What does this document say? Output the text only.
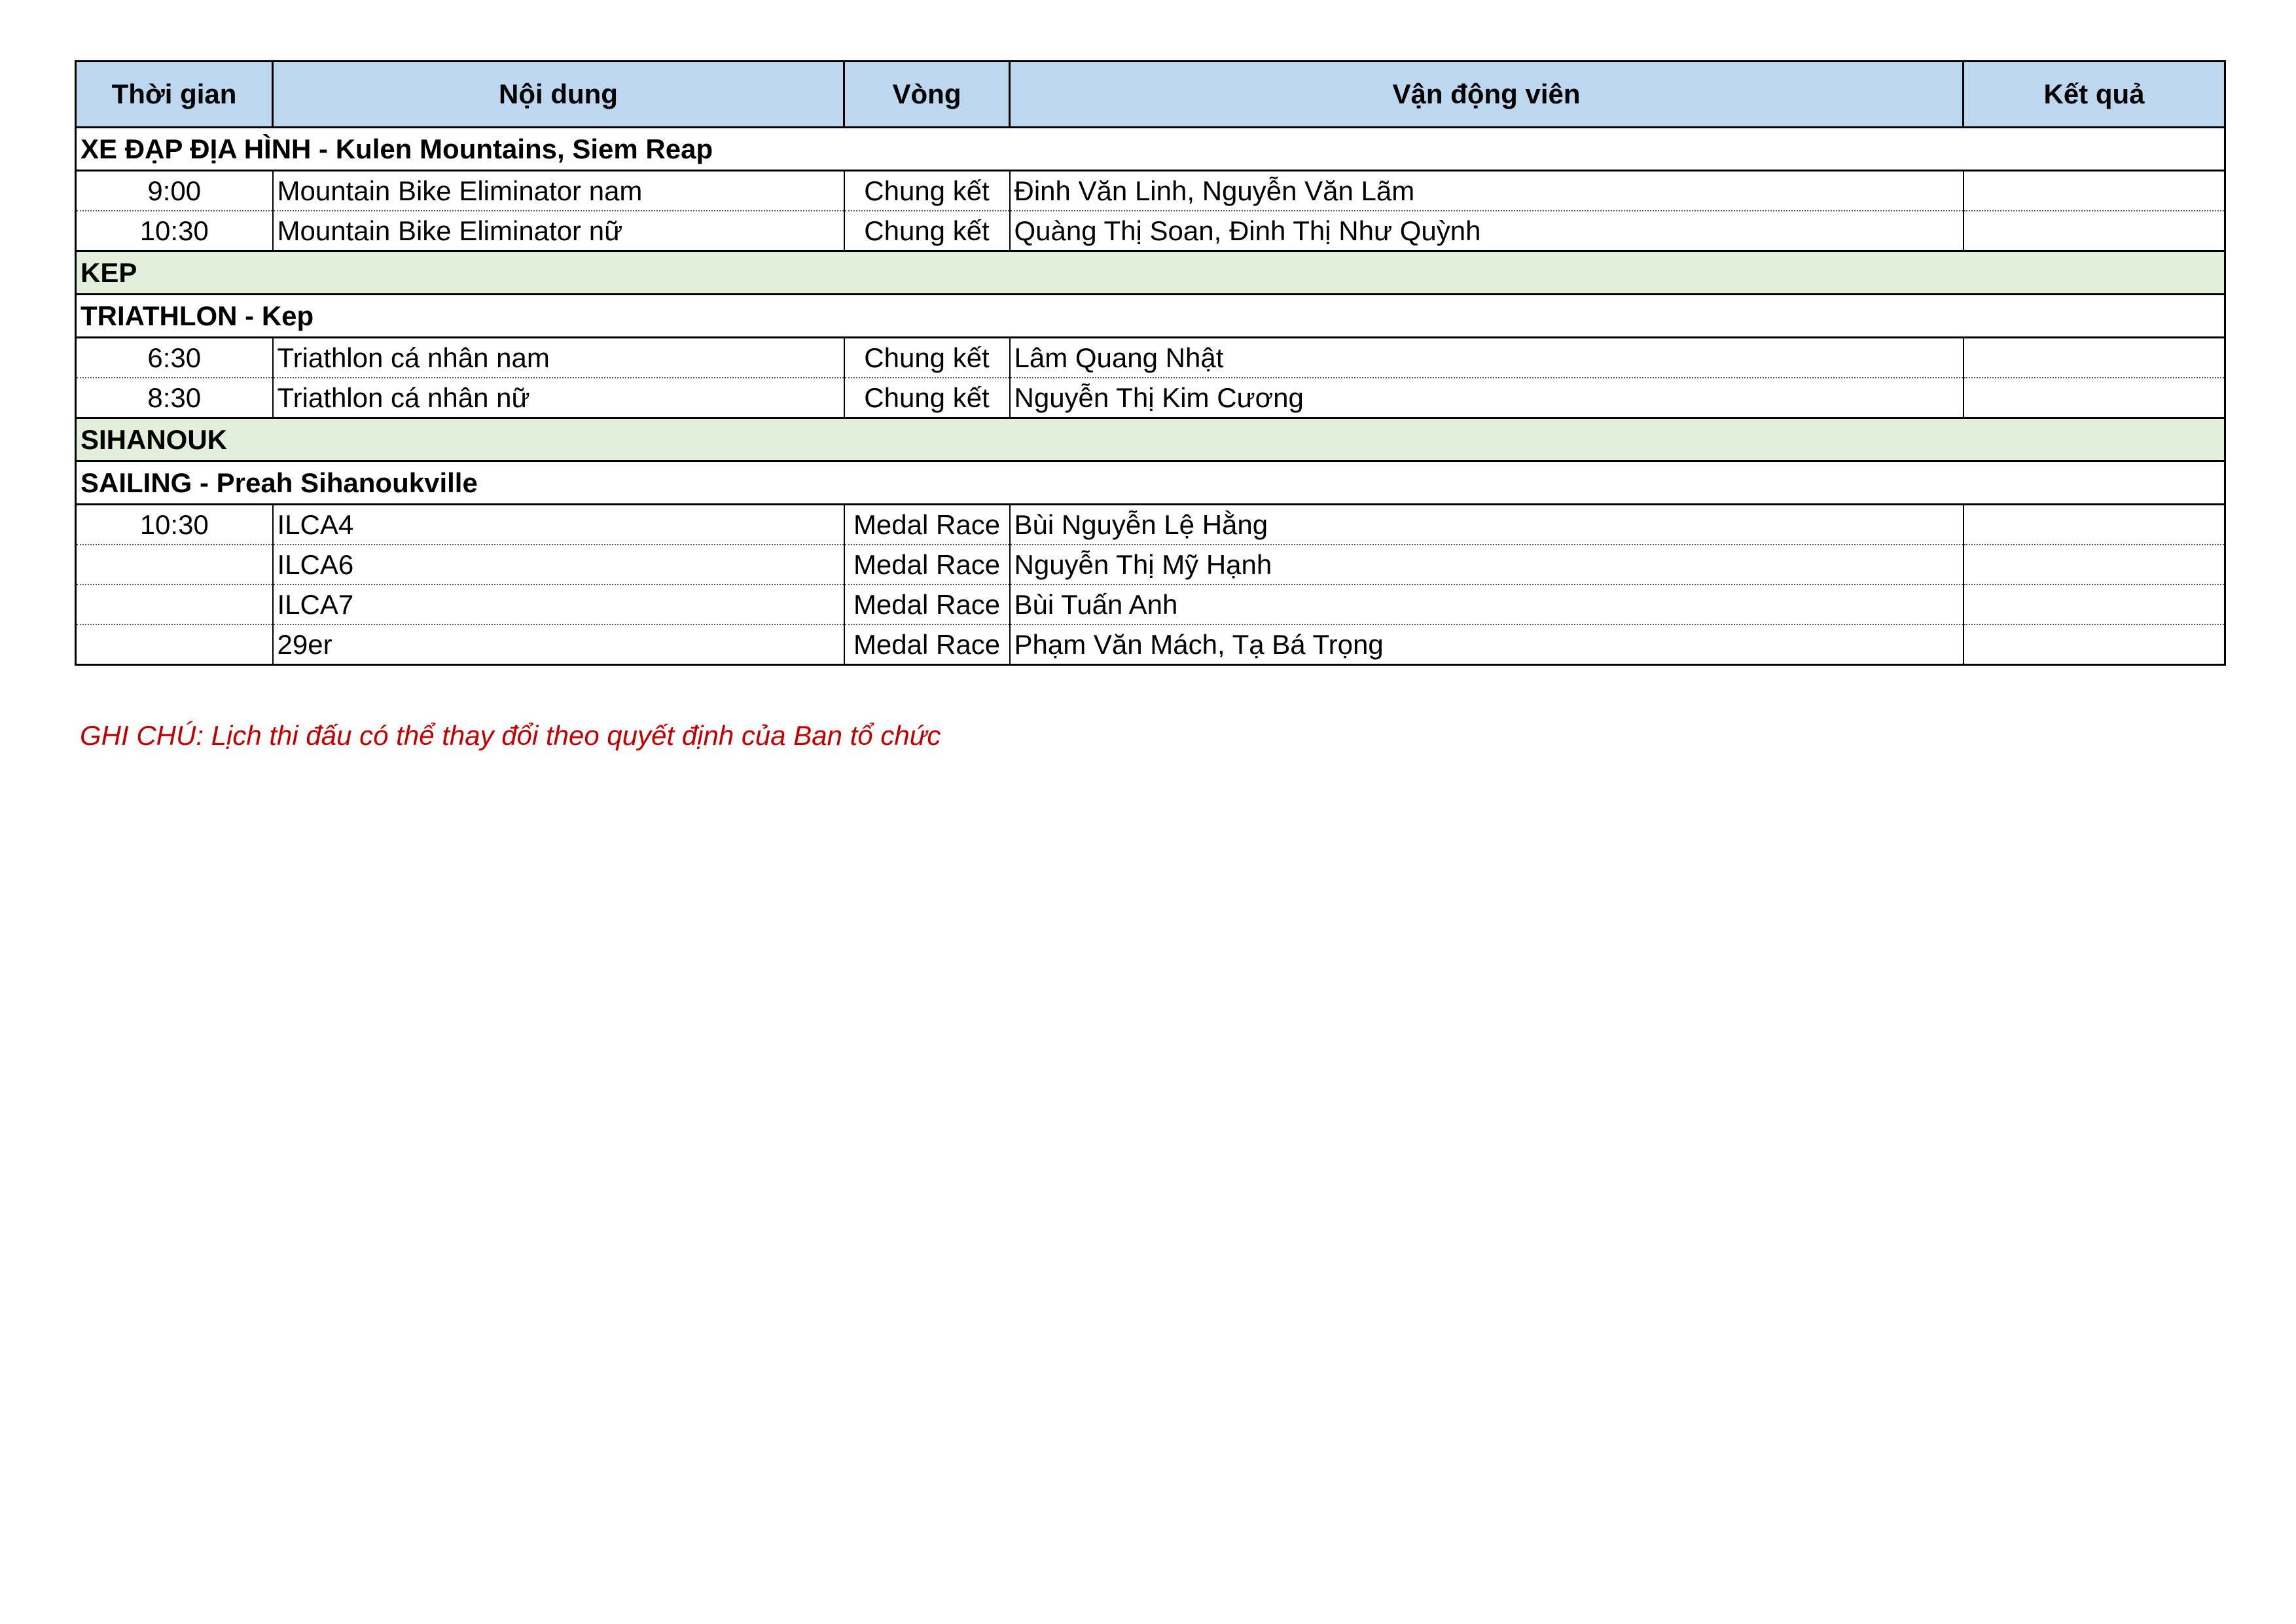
Thời gian	Nội dung	Vòng	Vận động viên	Kết quả
XE ĐẠP ĐỊA HÌNH - Kulen Mountains, Siem Reap				
9:00	Mountain Bike Eliminator nam	Chung kết	Đinh Văn Linh, Nguyễn Văn Lãm	
10:30	Mountain Bike Eliminator nữ	Chung kết	Quàng Thị Soan, Đinh Thị Như Quỳnh	
KEP				
TRIATHLON - Kep				
6:30	Triathlon cá nhân nam	Chung kết	Lâm Quang Nhật	
8:30	Triathlon cá nhân nữ	Chung kết	Nguyễn Thị Kim Cương	
SIHANOUK				
SAILING - Preah Sihanoukville				
10:30	ILCA4	Medal Race	Bùi Nguyễn Lệ Hằng	
	ILCA6	Medal Race	Nguyễn Thị Mỹ Hạnh	
	ILCA7	Medal Race	Bùi Tuấn Anh	
	29er	Medal Race	Phạm Văn Mách, Tạ Bá Trọng	
GHI CHÚ: Lịch thi đấu có thể thay đổi theo quyết định của Ban tổ chức
